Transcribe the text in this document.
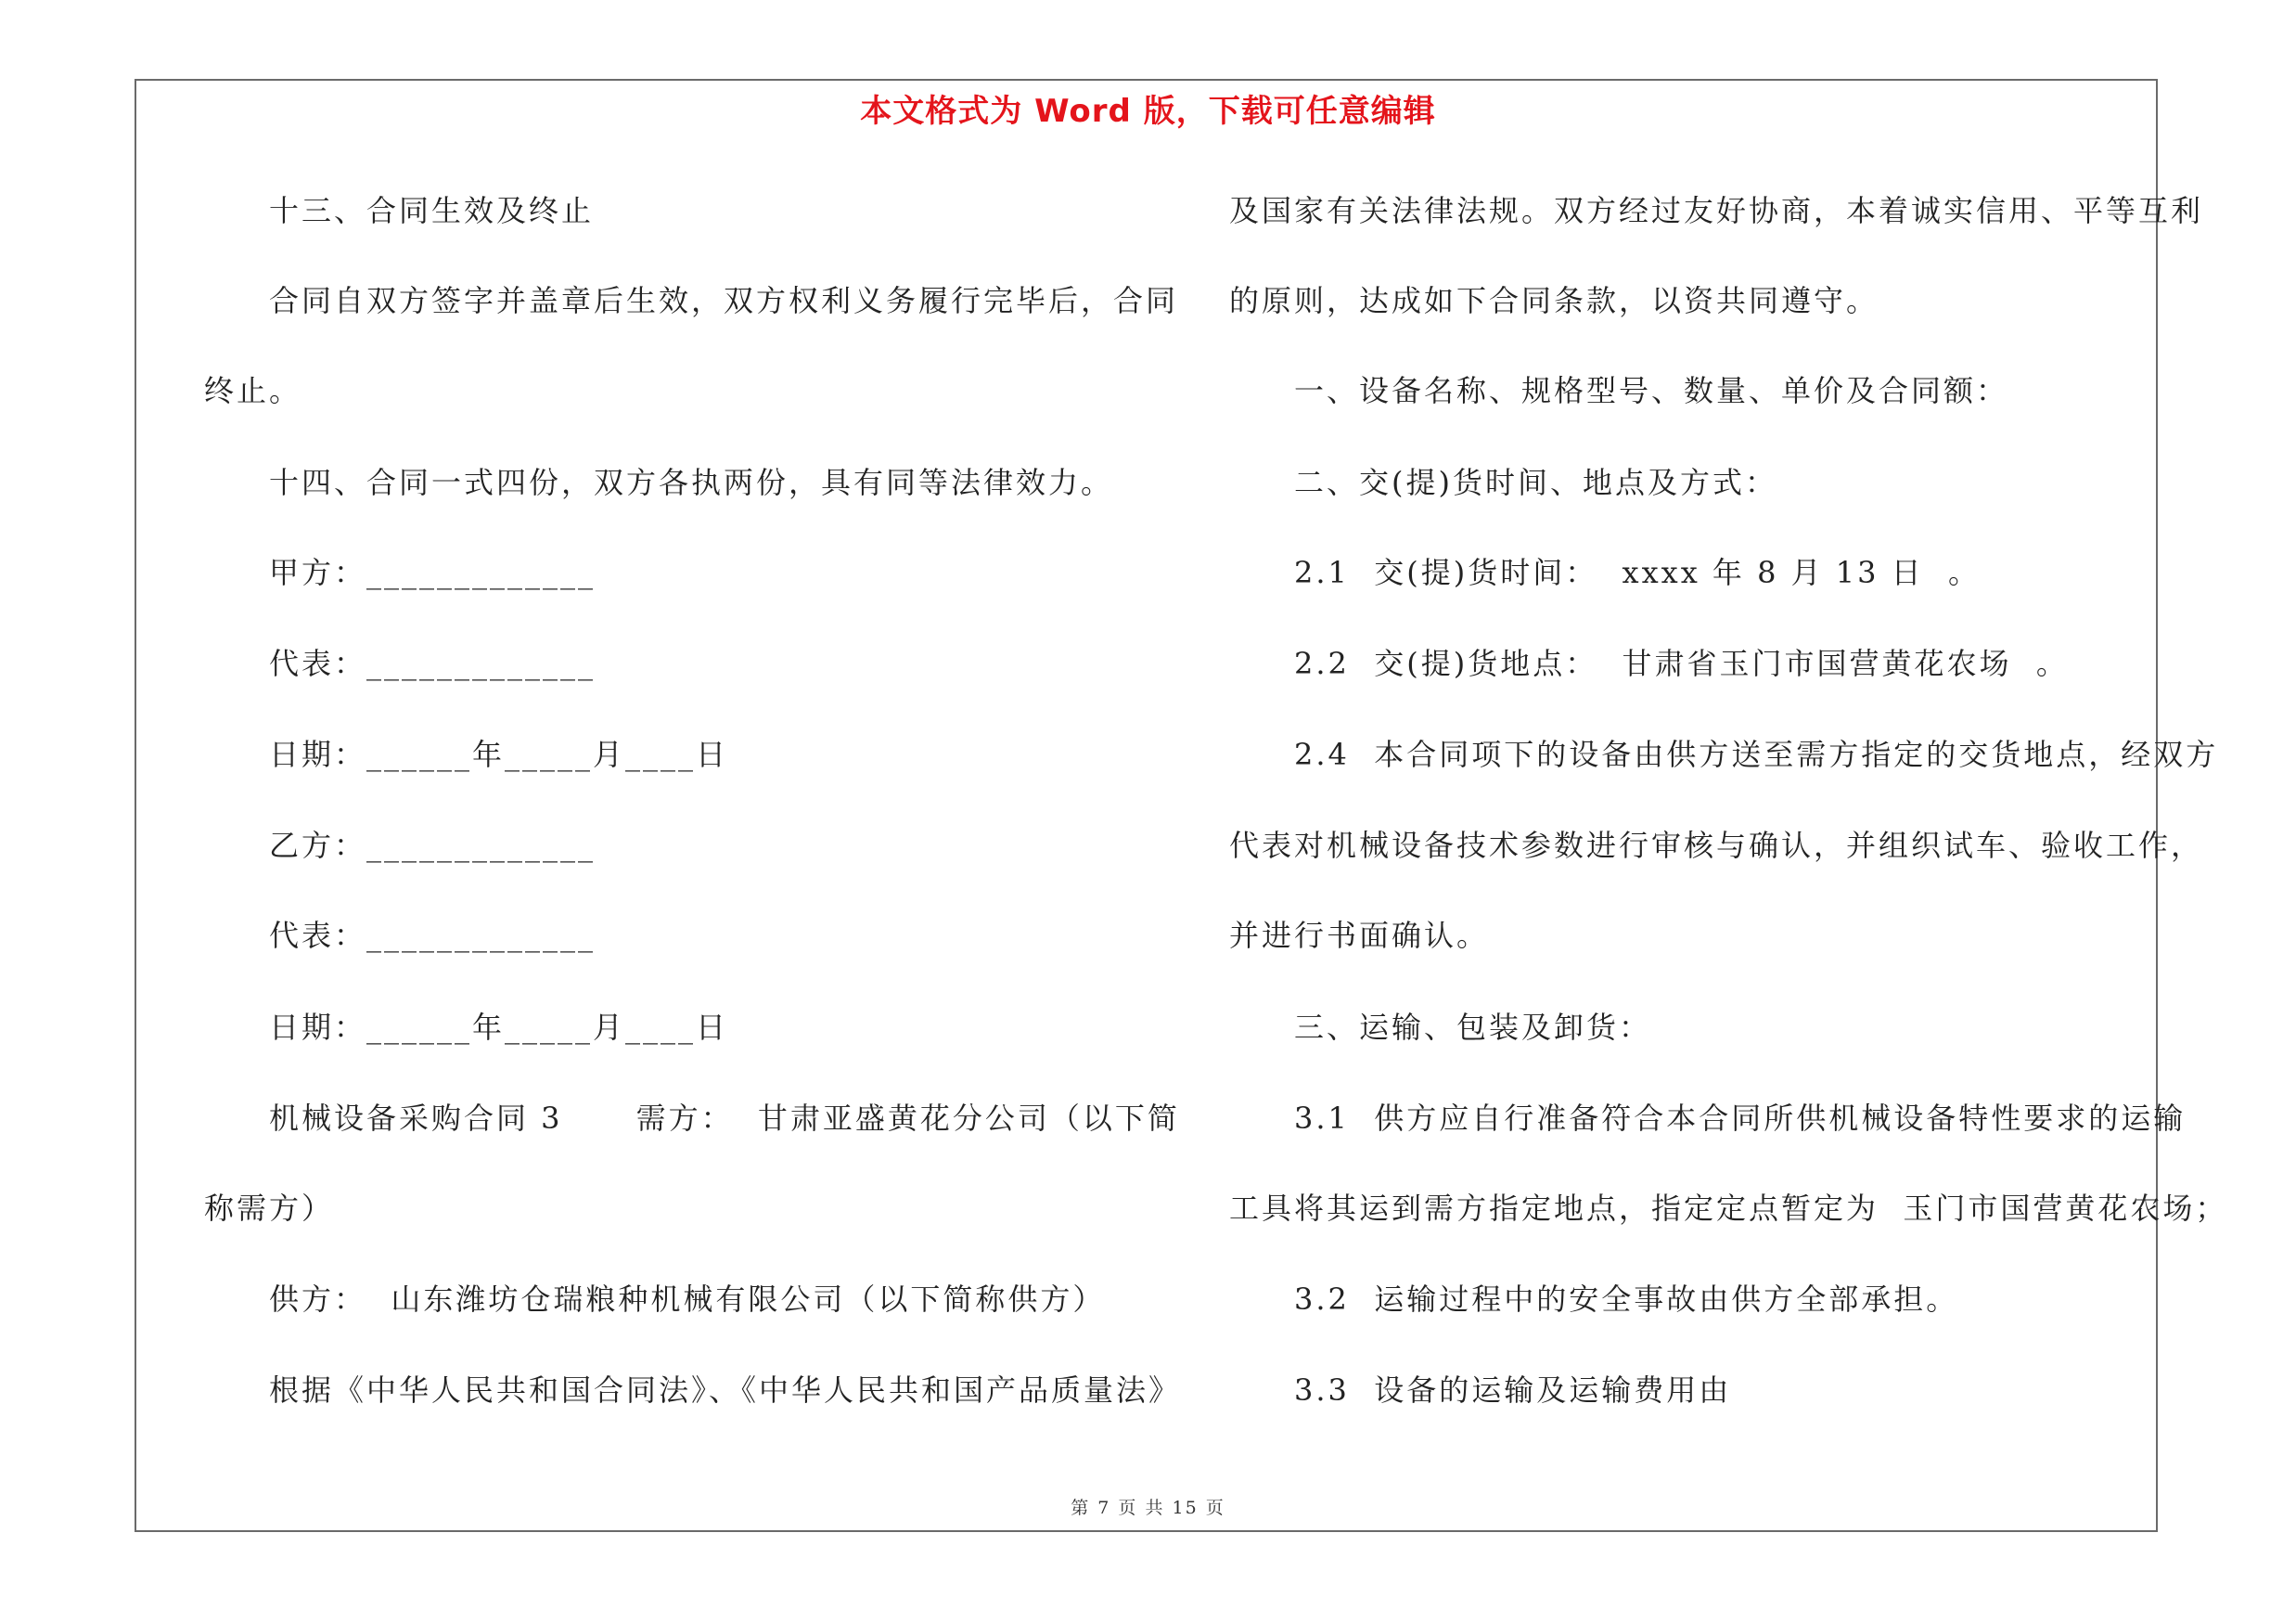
本文格式为 Word 版，下载可任意编辑
十三、合同生效及终止
合同自双方签字并盖章后生效，双方权利义务履行完毕后，合同
终止。
十四、合同一式四份，双方各执两份，具有同等法律效力。
甲方：_____________
代表：_____________
日期：______年_____月____日
乙方：_____________
代表：_____________
日期：______年_____月____日
机械设备采购合同 3      需方：  甘肃亚盛黄花分公司（以下简
称需方）
供方：  山东潍坊仓瑞粮种机械有限公司（以下简称供方）
根据《中华人民共和国合同法》、《中华人民共和国产品质量法》
及国家有关法律法规。双方经过友好协商，本着诚实信用、平等互利
的原则，达成如下合同条款，以资共同遵守。
一、设备名称、规格型号、数量、单价及合同额：
二、交(提)货时间、地点及方式：
2.1  交(提)货时间：  xxxx 年 8 月 13 日  。
2.2  交(提)货地点：  甘肃省玉门市国营黄花农场  。
2.4  本合同项下的设备由供方送至需方指定的交货地点，经双方
代表对机械设备技术参数进行审核与确认，并组织试车、验收工作，
并进行书面确认。
三、运输、包装及卸货：
3.1  供方应自行准备符合本合同所供机械设备特性要求的运输
工具将其运到需方指定地点，指定定点暂定为  玉门市国营黄花农场；
3.2  运输过程中的安全事故由供方全部承担。
3.3  设备的运输及运输费用由
第 7 页 共 15 页
